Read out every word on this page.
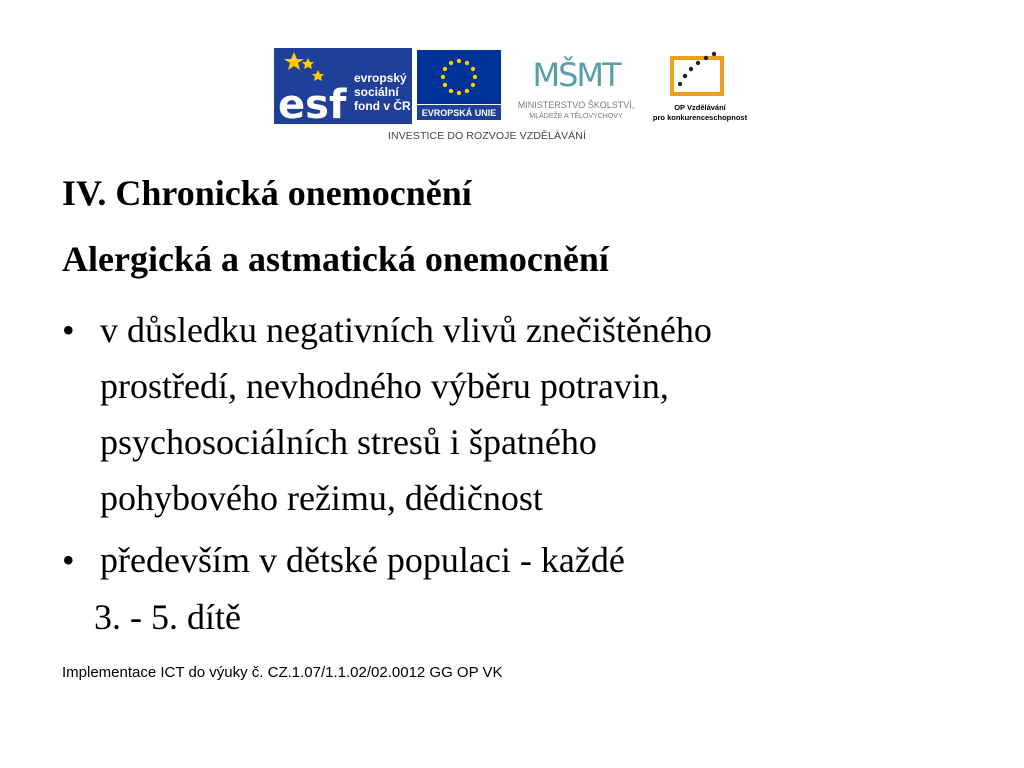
esf
evropský
sociální
fond v ČR EVROPSKÁ UNIE
MŠMT
MINISTERSTVO ŠKOLSTVÍ,
MLÁDEŽE A TĚLOVÝCHOVY
OP Vzdělávání
pro konkurenceschopnost
INVESTICE DO ROZVOJE VZDĚLÁVÁNÍ
IV. Chronická onemocnění
Alergická a astmatická onemocnění
• v důsledku negativních vlivů znečištěného
prostředí, nevhodného výběru potravin,
psychosociálních stresů i špatného
pohybového režimu, dědičnost
• především v dětské populaci - každé
3. - 5. dítě
Implementace ICT do výuky č. CZ.1.07/1.1.02/02.0012 GG OP VK
